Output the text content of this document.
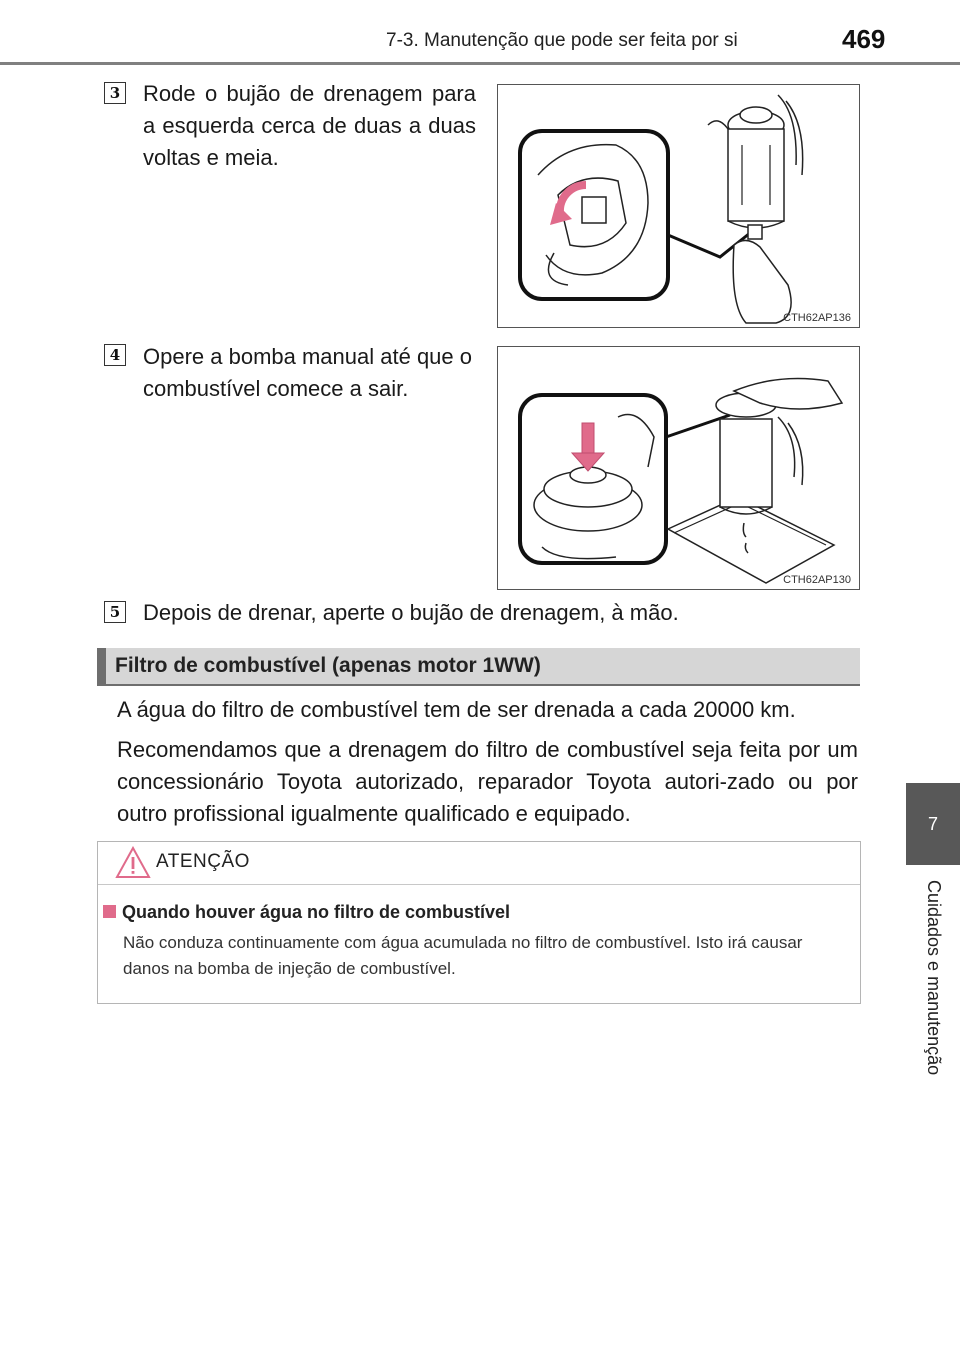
7-3. Manutenção que pode ser feita por si	469
7
Cuidados e manutenção
3 Rode o bujão de drenagem para a esquerda cerca de duas a duas voltas e meia.
CTH62AP136
4 Opere a bomba manual até que o combustível comece a sair.
CTH62AP130
5 Depois de drenar, aperte o bujão de drenagem, à mão.
Filtro de combustível (apenas motor 1WW)
A água do filtro de combustível tem de ser drenada a cada 20000 km.
Recomendamos que a drenagem do filtro de combustível seja feita por um concessionário Toyota autorizado, reparador Toyota autori-zado ou por outro profissional igualmente qualificado e equipado.
ATENÇÃO
Quando houver água no filtro de combustível
Não conduza continuamente com água acumulada no filtro de combustível. Isto irá causar danos na bomba de injeção de combustível.
